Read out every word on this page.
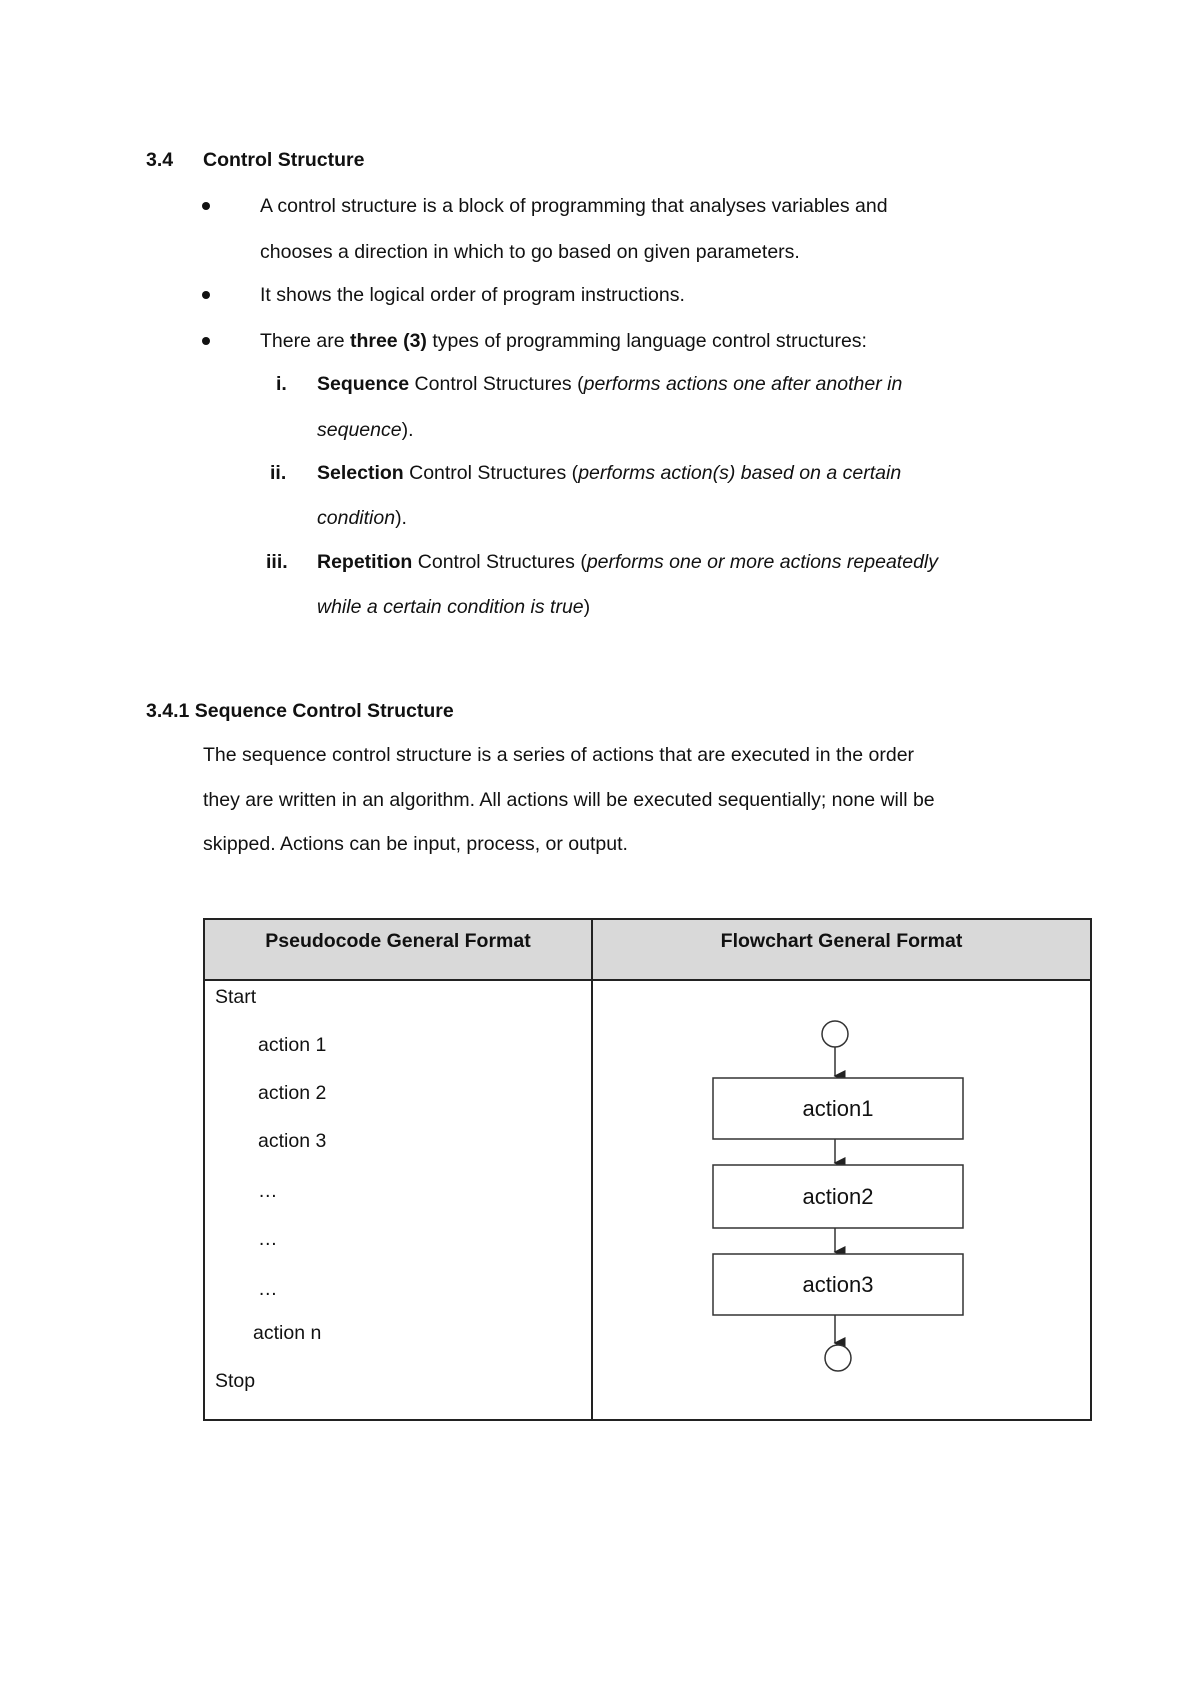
3.4 Control Structure
A control structure is a block of programming that analyses variables and
chooses a direction in which to go based on given parameters.
It shows the logical order of program instructions.
There are three (3) types of programming language control structures:
i. Sequence Control Structures (performs actions one after another in
sequence).
ii. Selection Control Structures (performs action(s) based on a certain
condition).
iii. Repetition Control Structures (performs one or more actions repeatedly
while a certain condition is true)
3.4.1 Sequence Control Structure
The sequence control structure is a series of actions that are executed in the order
they are written in an algorithm. All actions will be executed sequentially; none will be
skipped. Actions can be input, process, or output.
Pseudocode General Format	Flowchart General Format
Start
action 1
action 2
action 3
…
…
…
action n
Stop
action1
action2
action3
